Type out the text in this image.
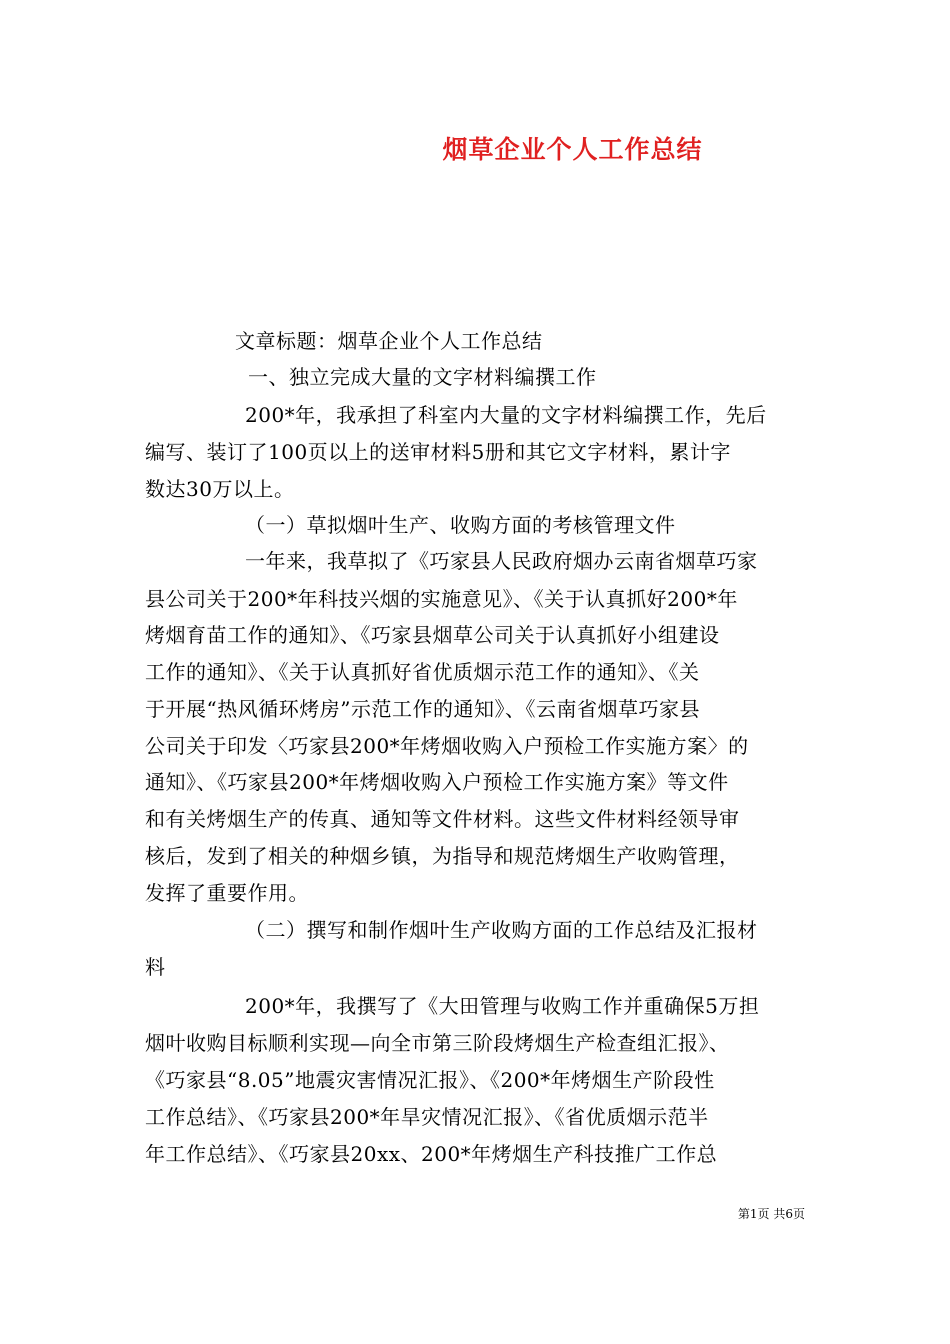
烟草企业个人工作总结
文章标题：烟草企业个人工作总结
一、独立完成大量的文字材料编撰工作
200*年，我承担了科室内大量的文字材料编撰工作，先后
编写、装订了100页以上的送审材料5册和其它文字材料，累计字
数达30万以上。
（一）草拟烟叶生产、收购方面的考核管理文件
一年来，我草拟了《巧家县人民政府烟办云南省烟草巧家
县公司关于200*年科技兴烟的实施意见》、《关于认真抓好200*年
烤烟育苗工作的通知》、《巧家县烟草公司关于认真抓好小组建设
工作的通知》、《关于认真抓好省优质烟示范工作的通知》、《关
于开展“热风循环烤房”示范工作的通知》、《云南省烟草巧家县
公司关于印发〈巧家县200*年烤烟收购入户预检工作实施方案〉的
通知》、《巧家县200*年烤烟收购入户预检工作实施方案》等文件
和有关烤烟生产的传真、通知等文件材料。这些文件材料经领导审
核后，发到了相关的种烟乡镇，为指导和规范烤烟生产收购管理，
发挥了重要作用。
（二）撰写和制作烟叶生产收购方面的工作总结及汇报材
料
200*年，我撰写了《大田管理与收购工作并重确保5万担
烟叶收购目标顺利实现—向全市第三阶段烤烟生产检查组汇报》、
《巧家县“8.05”地震灾害情况汇报》、《200*年烤烟生产阶段性
工作总结》、《巧家县200*年旱灾情况汇报》、《省优质烟示范半
年工作总结》、《巧家县20xx、200*年烤烟生产科技推广工作总
第1页 共6页
